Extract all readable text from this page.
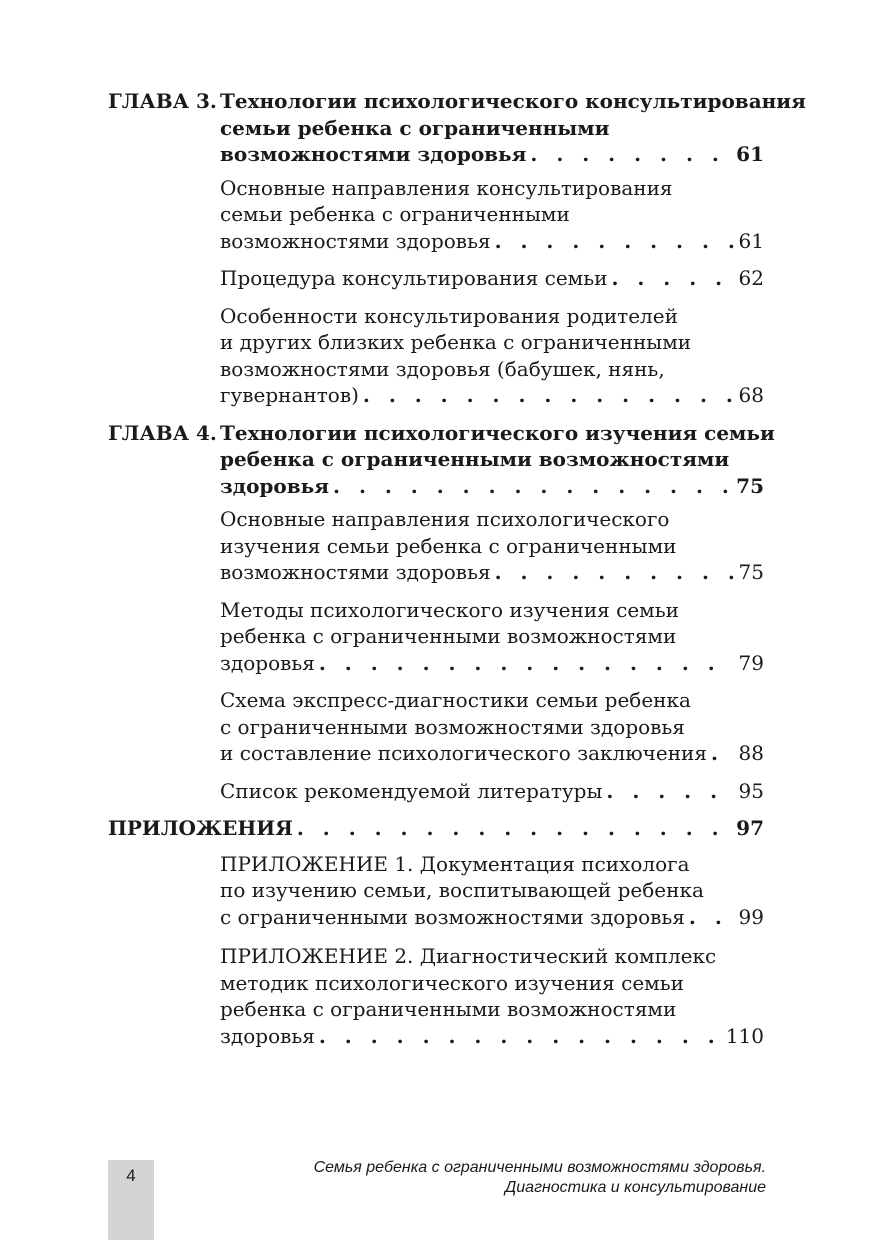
ГЛАВА 3. Технологии психологического консультирования
семьи ребенка с ограниченными
возможностями здоровья . . .	61
Основные направления консультирования
семьи ребенка с ограниченными
возможностями здоровья . . .	61
Процедура консультирования семьи . . .	62
Особенности консультирования родителей
и других близких ребенка с ограниченными
возможностями здоровья (бабушек, нянь,
гувернантов) . . .	68
ГЛАВА 4. Технологии психологического изучения семьи
ребенка с ограниченными возможностями
здоровья . . .	75
Основные направления психологического
изучения семьи ребенка с ограниченными
возможностями здоровья . . .	75
Методы психологического изучения семьи
ребенка с ограниченными возможностями
здоровья . . .	79
Схема экспресс-диагностики семьи ребенка
с ограниченными возможностями здоровья
и составление психологического заключения . . . 88
Список рекомендуемой литературы . . .	95
ПРИЛОЖЕНИЯ . . .	97
ПРИЛОЖЕНИЕ 1. Документация психолога
по изучению семьи, воспитывающей ребенка
с ограниченными возможностями здоровья . . .	99
ПРИЛОЖЕНИЕ 2. Диагностический комплекс
методик психологического изучения семьи
ребенка с ограниченными возможностями
здоровья . . .	110
4	Семья ребенка с ограниченными возможностями здоровья.
Диагностика и консультирование
